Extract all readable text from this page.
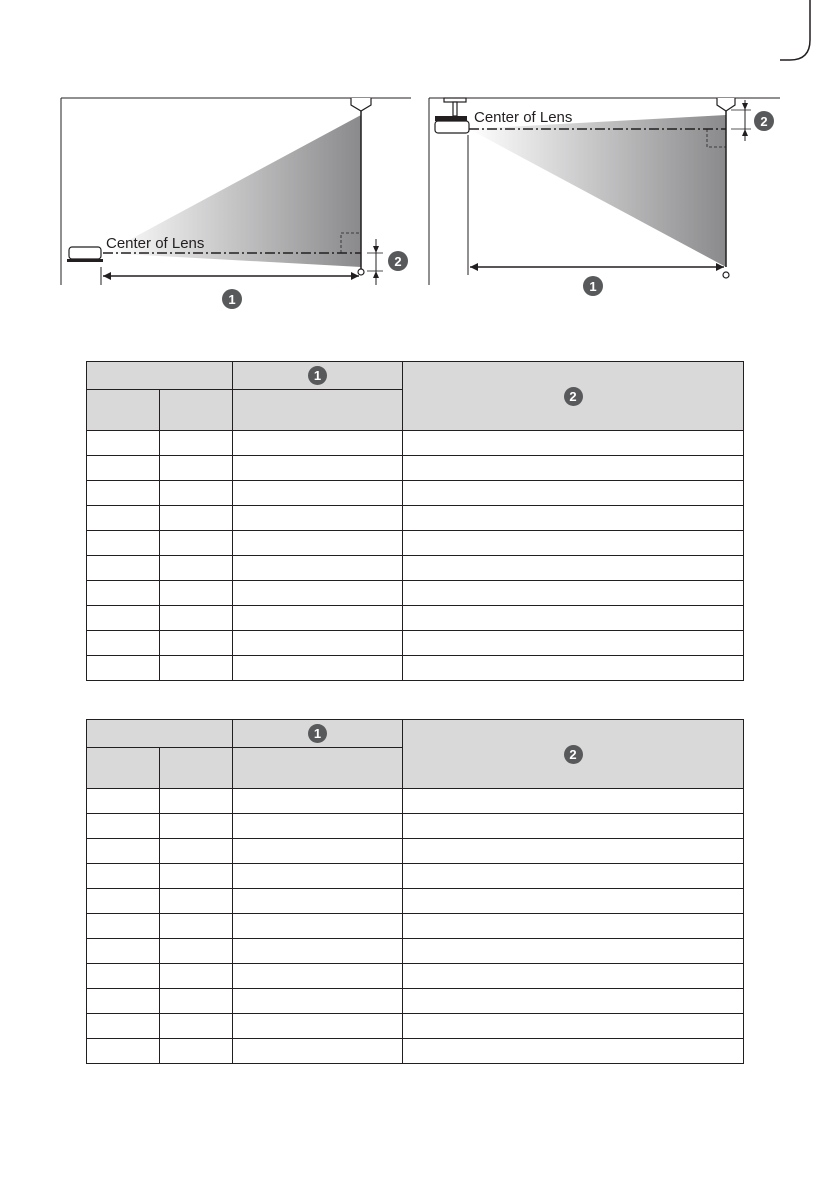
Center of Lens
1
2
Center of Lens
1
2
		1	2

		1	2
